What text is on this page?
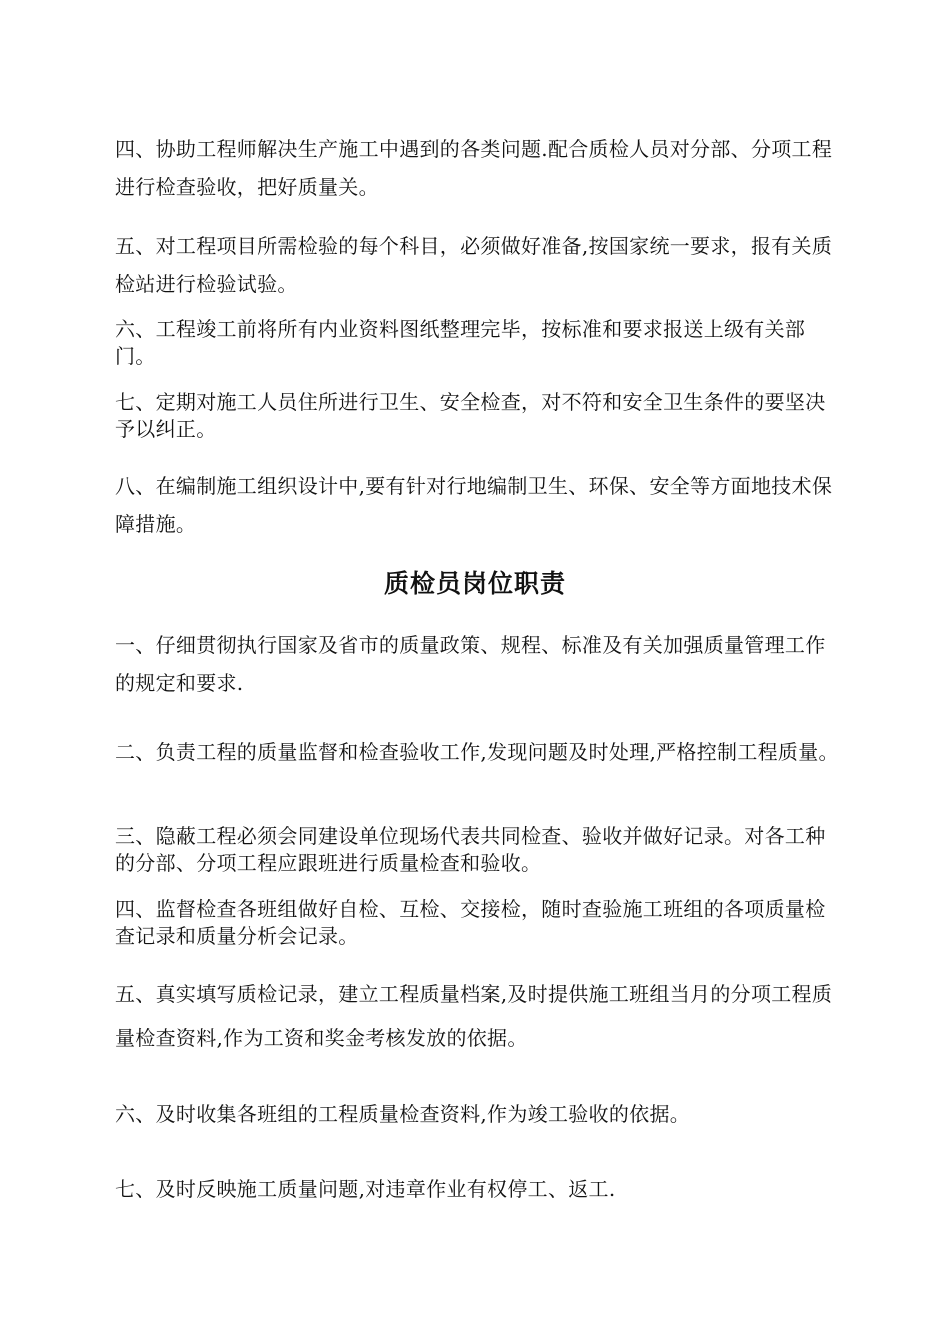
四、协助工程师解决生产施工中遇到的各类问题.配合质检人员对分部、分项工程进行检查验收，把好质量关。

五、对工程项目所需检验的每个科目，必须做好准备,按国家统一要求，报有关质检站进行检验试验。

六、工程竣工前将所有内业资料图纸整理完毕，按标准和要求报送上级有关部门。

七、定期对施工人员住所进行卫生、安全检查，对不符和安全卫生条件的要坚决予以纠正。

八、在编制施工组织设计中,要有针对行地编制卫生、环保、安全等方面地技术保障措施。

质检员岗位职责

一、仔细贯彻执行国家及省市的质量政策、规程、标准及有关加强质量管理工作的规定和要求.

二、负责工程的质量监督和检查验收工作,发现问题及时处理,严格控制工程质量。

三、隐蔽工程必须会同建设单位现场代表共同检查、验收并做好记录。对各工种的分部、分项工程应跟班进行质量检查和验收。

四、监督检查各班组做好自检、互检、交接检，随时查验施工班组的各项质量检查记录和质量分析会记录。

五、真实填写质检记录，建立工程质量档案,及时提供施工班组当月的分项工程质量检查资料,作为工资和奖金考核发放的依据。

六、及时收集各班组的工程质量检查资料,作为竣工验收的依据。

七、及时反映施工质量问题,对违章作业有权停工、返工.
